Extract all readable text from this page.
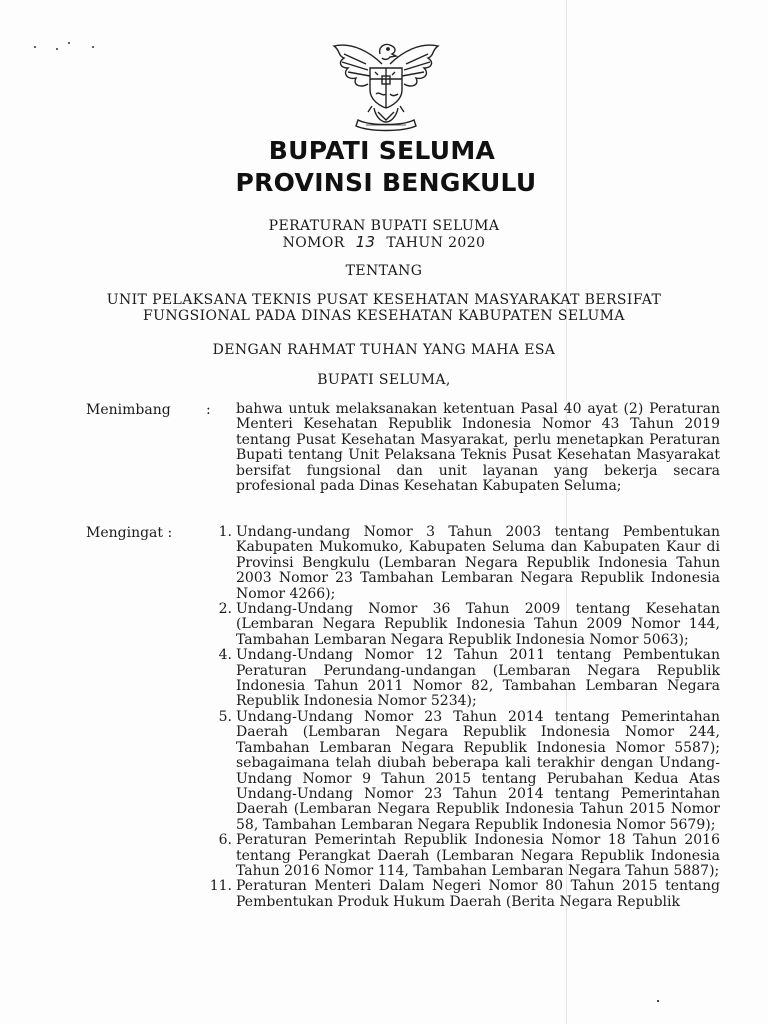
BUPATI SELUMA
PROVINSI BENGKULU
PERATURAN BUPATI SELUMA
NOMOR 13 TAHUN 2020
TENTANG
UNIT PELAKSANA TEKNIS PUSAT KESEHATAN MASYARAKAT BERSIFAT
FUNGSIONAL PADA DINAS KESEHATAN KABUPATEN SELUMA
DENGAN RAHMAT TUHAN YANG MAHA ESA
BUPATI SELUMA,
Menimbang	: bahwa untuk melaksanakan ketentuan Pasal 40 ayat (2) Peraturan Menteri Kesehatan Republik Indonesia Nomor 43 Tahun 2019 tentang Pusat Kesehatan Masyarakat, perlu menetapkan Peraturan Bupati tentang Unit Pelaksana Teknis Pusat Kesehatan Masyarakat bersifat fungsional dan unit layanan yang bekerja secara profesional pada Dinas Kesehatan Kabupaten Seluma;
Mengingat :	1. Undang-undang Nomor 3 Tahun 2003 tentang Pembentukan Kabupaten Mukomuko, Kabupaten Seluma dan Kabupaten Kaur di Provinsi Bengkulu (Lembaran Negara Republik Indonesia Tahun 2003 Nomor 23 Tambahan Lembaran Negara Republik Indonesia Nomor 4266);
2. Undang-Undang Nomor 36 Tahun 2009 tentang Kesehatan (Lembaran Negara Republik Indonesia Tahun 2009 Nomor 144, Tambahan Lembaran Negara Republik Indonesia Nomor 5063);
4. Undang-Undang Nomor 12 Tahun 2011 tentang Pembentukan Peraturan Perundang-undangan (Lembaran Negara Republik Indonesia Tahun 2011 Nomor 82, Tambahan Lembaran Negara Republik Indonesia Nomor 5234);
5. Undang-Undang Nomor 23 Tahun 2014 tentang Pemerintahan Daerah (Lembaran Negara Republik Indonesia Nomor 244, Tambahan Lembaran Negara Republik Indonesia Nomor 5587); sebagaimana telah diubah beberapa kali terakhir dengan Undang-Undang Nomor 9 Tahun 2015 tentang Perubahan Kedua Atas Undang-Undang Nomor 23 Tahun 2014 tentang Pemerintahan Daerah (Lembaran Negara Republik Indonesia Tahun 2015 Nomor 58, Tambahan Lembaran Negara Republik Indonesia Nomor 5679);
6. Peraturan Pemerintah Republik Indonesia Nomor 18 Tahun 2016 tentang Perangkat Daerah (Lembaran Negara Republik Indonesia Tahun 2016 Nomor 114, Tambahan Lembaran Negara Tahun 5887);
11. Peraturan Menteri Dalam Negeri Nomor 80 Tahun 2015 tentang Pembentukan Produk Hukum Daerah (Berita Negara Republik
